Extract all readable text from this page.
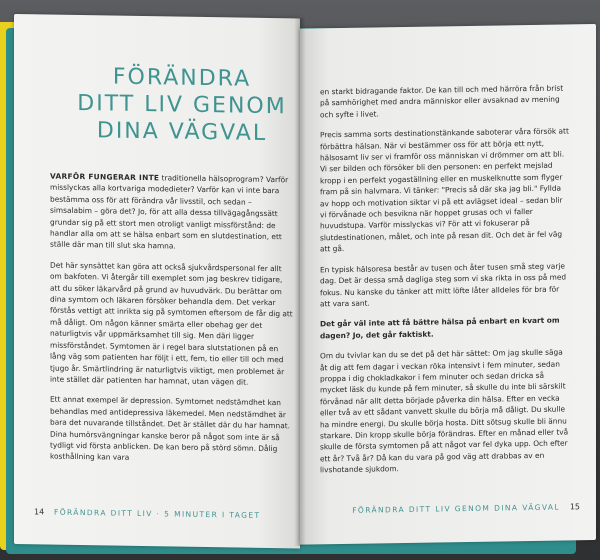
FÖRÄNDRA
DITT LIV GENOM
DINA VÄGVAL

VARFÖR FUNGERAR INTE traditionella hälsoprogram? Varför misslyckas alla kortvariga modedieter? Varför kan vi inte bara bestämma oss för att förändra vår livsstil, och sedan – simsalabim – göra det? Jo, för att alla dessa tillvägagångssätt grundar sig på ett stort men otroligt vanligt missförstånd: de handlar alla om att se hälsa enbart som en slutdestination, ett ställe där man till slut ska hamna.

Det här synsättet kan göra att också sjukvårdspersonal fer allt om bakfoten. Vi återgår till exemplet som jag beskrev tidigare, att du söker läkarvård på grund av huvudvärk. Du berättar om dina symtom och läkaren försöker behandla dem. Det verkar förstås vettigt att inrikta sig på symtomen eftersom de får dig att må dåligt. Om någon känner smärta eller obehag ger det naturligtvis vår uppmärksamhet till sig. Men däri ligger missförståndet. Symtomen är i regel bara slutstationen på en lång väg som patienten har följt i ett, fem, tio eller till och med tjugo år. Smärtlindring är naturligtvis viktigt, men problemet är inte stället där patienten har hamnat, utan vägen dit.

Ett annat exempel är depression. Symtomet nedstämdhet kan behandlas med antidepressiva läkemedel. Men nedstämdhet är bara det nuvarande tillståndet. Det är stället där du har hamnat. Dina humörsvängningar kanske beror på något som inte är så tydligt vid första anblicken. De kan bero på störd sömn. Dålig kosthållning kan vara

14 FÖRÄNDRA DITT LIV · 5 MINUTER I TAGET

en starkt bidragande faktor. De kan till och med härröra från brist på samhörighet med andra människor eller avsaknad av mening och syfte i livet.

Precis samma sorts destinationstänkande saboterar våra försök att förbättra hälsan. När vi bestämmer oss för att börja ett nytt, hälsosamt liv ser vi framför oss människan vi drömmer om att bli. Vi ser bilden och försöker bli den personen: en perfekt mejslad kropp i en perfekt yogaställning eller en muskelknutte som flyger fram på sin halvmara. Vi tänker: "Precis så där ska jag bli." Fyllda av hopp och motivation siktar vi på ett avlägset ideal – sedan blir vi förvånade och besvikna när hoppet grusas och vi faller huvudstupa. Varför misslyckas vi? För att vi fokuserar på slutdestinationen, målet, och inte på resan dit. Och det är fel väg att gå.

En typisk hälsoresa består av tusen och åter tusen små steg varje dag. Det är dessa små dagliga steg som vi ska rikta in oss på med fokus. Nu kanske du tänker att mitt löfte låter alldeles för bra för att vara sant.

Det går väl inte att få bättre hälsa på enbart en kvart om dagen? Jo, det går faktiskt.

Om du tvivlar kan du se det på det här sättet: Om jag skulle säga åt dig att fem dagar i veckan röka intensivt i fem minuter, sedan proppa i dig chokladkakor i fem minuter och sedan dricka så mycket läsk du kunde på fem minuter, så skulle du inte bli särskilt förvånad när allt detta började påverka din hälsa. Efter en vecka eller två av ett sådant vanvett skulle du börja må dåligt. Du skulle ha mindre energi. Du skulle börja hosta. Ditt sötsug skulle bli ännu starkare. Din kropp skulle börja förändras. Efter en månad eller två skulle de första symtomen på att något var fel dyka upp. Och efter ett år? Två år? Då kan du vara på god väg att drabbas av en livshotande sjukdom.

FÖRÄNDRA DITT LIV GENOM DINA VÄGVAL 15
